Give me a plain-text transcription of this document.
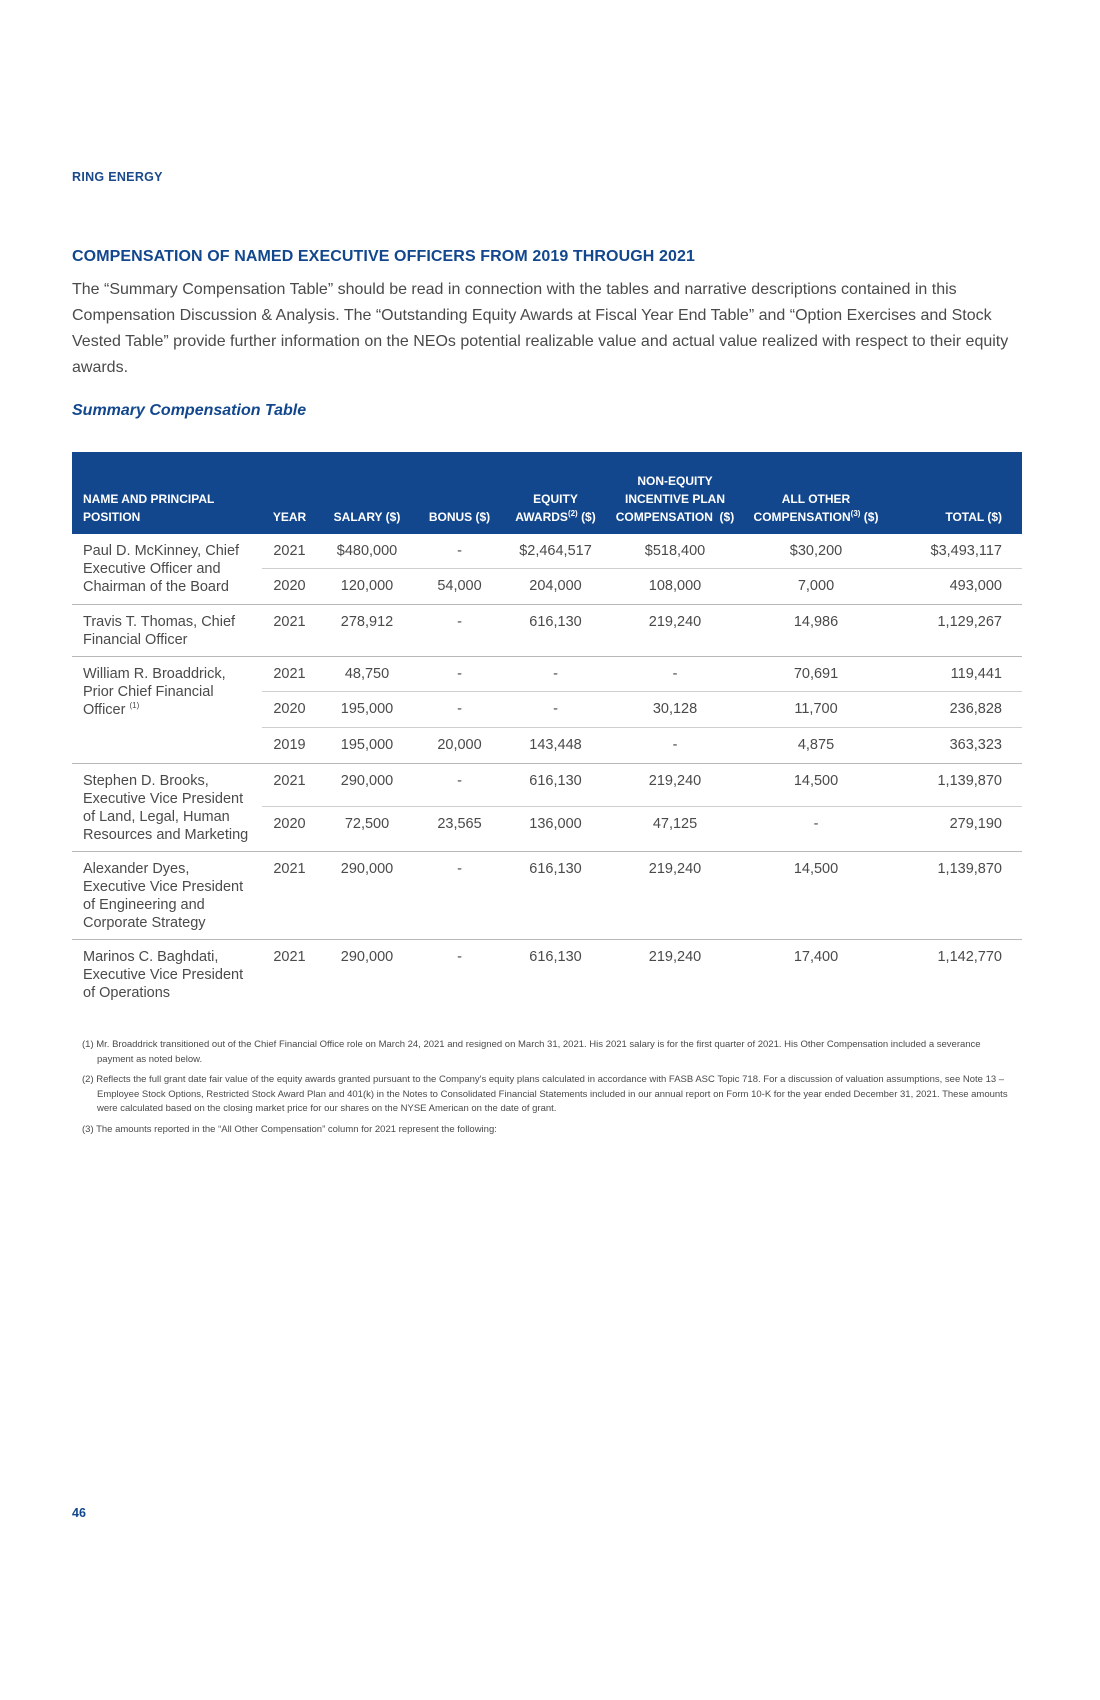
RING ENERGY
COMPENSATION OF NAMED EXECUTIVE OFFICERS FROM 2019 THROUGH 2021

The “Summary Compensation Table” should be read in connection with the tables and narrative descriptions contained in this Compensation Discussion & Analysis. The “Outstanding Equity Awards at Fiscal Year End Table” and “Option Exercises and Stock Vested Table” provide further information on the NEOs potential realizable value and actual value realized with respect to their equity awards.

Summary Compensation Table
NAME AND PRINCIPAL
POSITION	YEAR	SALARY ($)	BONUS ($)	EQUITY
AWARDS$^{(2)}$ ($)	NON-EQUITY
INCENTIVE PLAN
COMPENSATION  ($)	ALL OTHER
COMPENSATION$^{(3)}$ ($)	TOTAL ($)
Paul D. McKinney, Chief Executive Officer and Chairman of the Board	2021	$480,000	-	$2,464,517	$518,400	$30,200	$3,493,117
	2020	120,000	54,000	204,000	108,000	7,000	493,000
Travis T. Thomas, Chief Financial Officer	2021	278,912	-	616,130	219,240	14,986	1,129,267
William R. Broaddrick, Prior Chief Financial Officer $^{(1)}$	2021	48,750	-	-	-	70,691	119,441
	2020	195,000	-	-	30,128	11,700	236,828
	2019	195,000	20,000	143,448	-	4,875	363,323
Stephen D. Brooks, Executive Vice President of Land, Legal, Human Resources and Marketing	2021	290,000	-	616,130	219,240	14,500	1,139,870
	2020	72,500	23,565	136,000	47,125	-	279,190
Alexander Dyes, Executive Vice President of Engineering and Corporate Strategy	2021	290,000	-	616,130	219,240	14,500	1,139,870
Marinos C. Baghdati, Executive Vice President of Operations	2021	290,000	-	616,130	219,240	17,400	1,142,770

(1) Mr. Broaddrick transitioned out of the Chief Financial Office role on March 24, 2021 and resigned on March 31, 2021. His 2021 salary is for the first quarter of 2021. His Other Compensation included a severance payment as noted below.

(2) Reflects the full grant date fair value of the equity awards granted pursuant to the Company's equity plans calculated in accordance with FASB ASC Topic 718. For a discussion of valuation assumptions, see Note 13 – Employee Stock Options, Restricted Stock Award Plan and 401(k) in the Notes to Consolidated Financial Statements included in our annual report on Form 10-K for the year ended December 31, 2021. These amounts were calculated based on the closing market price for our shares on the NYSE American on the date of grant.

(3) The amounts reported in the “All Other Compensation” column for 2021 represent the following:

46
